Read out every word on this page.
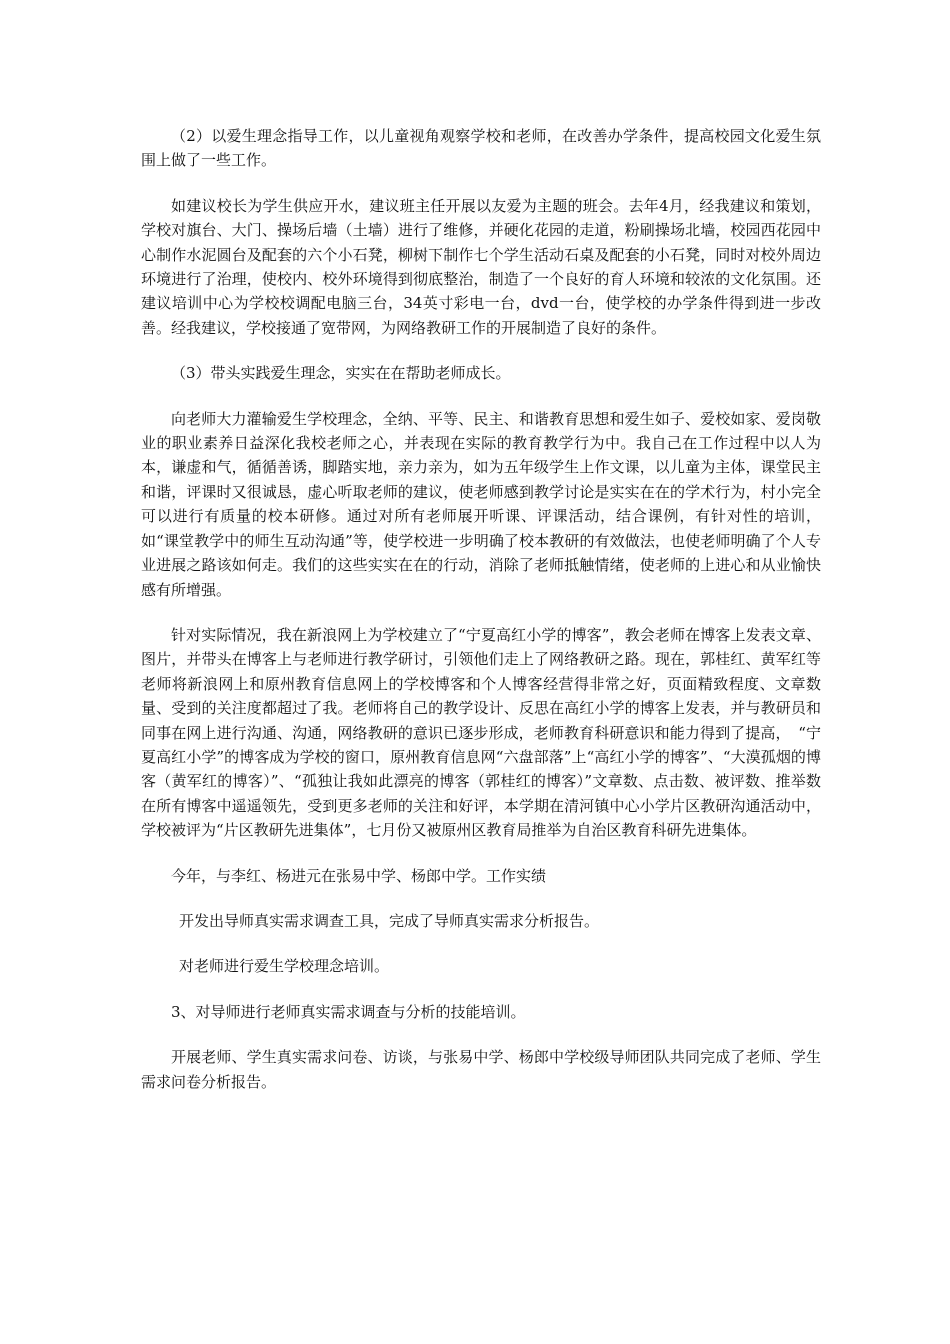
（2）以爱生理念指导工作，以儿童视角观察学校和老师，在改善办学条件，提高校园文化爱生氛围上做了一些工作。

如建议校长为学生供应开水，建议班主任开展以友爱为主题的班会。去年4月，经我建议和策划，学校对旗台、大门、操场后墙（土墙）进行了维修，并硬化花园的走道，粉刷操场北墙，校园西花园中心制作水泥圆台及配套的六个小石凳，柳树下制作七个学生活动石桌及配套的小石凳，同时对校外周边环境进行了治理，使校内、校外环境得到彻底整治，制造了一个良好的育人环境和较浓的文化氛围。还建议培训中心为学校校调配电脑三台，34英寸彩电一台，dvd一台，使学校的办学条件得到进一步改善。经我建议，学校接通了宽带网，为网络教研工作的开展制造了良好的条件。

（3）带头实践爱生理念，实实在在帮助老师成长。

向老师大力灌输爱生学校理念，全纳、平等、民主、和谐教育思想和爱生如子、爱校如家、爱岗敬业的职业素养日益深化我校老师之心，并表现在实际的教育教学行为中。我自己在工作过程中以人为本，谦虚和气，循循善诱，脚踏实地，亲力亲为，如为五年级学生上作文课，以儿童为主体，课堂民主和谐，评课时又很诚恳，虚心听取老师的建议，使老师感到教学讨论是实实在在的学术行为，村小完全可以进行有质量的校本研修。通过对所有老师展开听课、评课活动，结合课例，有针对性的培训，如“课堂教学中的师生互动沟通”等，使学校进一步明确了校本教研的有效做法，也使老师明确了个人专业进展之路该如何走。我们的这些实实在在的行动，消除了老师抵触情绪，使老师的上进心和从业愉快感有所增强。

针对实际情况，我在新浪网上为学校建立了“宁夏高红小学的博客”，教会老师在博客上发表文章、图片，并带头在博客上与老师进行教学研讨，引领他们走上了网络教研之路。现在，郭桂红、黄军红等老师将新浪网上和原州教育信息网上的学校博客和个人博客经营得非常之好，页面精致程度、文章数量、受到的关注度都超过了我。老师将自己的教学设计、反思在高红小学的博客上发表，并与教研员和同事在网上进行沟通、沟通，网络教研的意识已逐步形成，老师教育科研意识和能力得到了提高，　“宁夏高红小学”的博客成为学校的窗口，原州教育信息网“六盘部落”上“高红小学的博客”、“大漠孤烟的博客（黄军红的博客）”、“孤独让我如此漂亮的博客（郭桂红的博客）”文章数、点击数、被评数、推举数在所有博客中遥遥领先，受到更多老师的关注和好评，本学期在清河镇中心小学片区教研沟通活动中，学校被评为“片区教研先进集体”，七月份又被原州区教育局推举为自治区教育科研先进集体。

今年，与李红、杨进元在张易中学、杨郎中学。工作实绩

开发出导师真实需求调查工具，完成了导师真实需求分析报告。

对老师进行爱生学校理念培训。

3、对导师进行老师真实需求调查与分析的技能培训。

开展老师、学生真实需求问卷、访谈，与张易中学、杨郎中学校级导师团队共同完成了老师、学生需求问卷分析报告。
